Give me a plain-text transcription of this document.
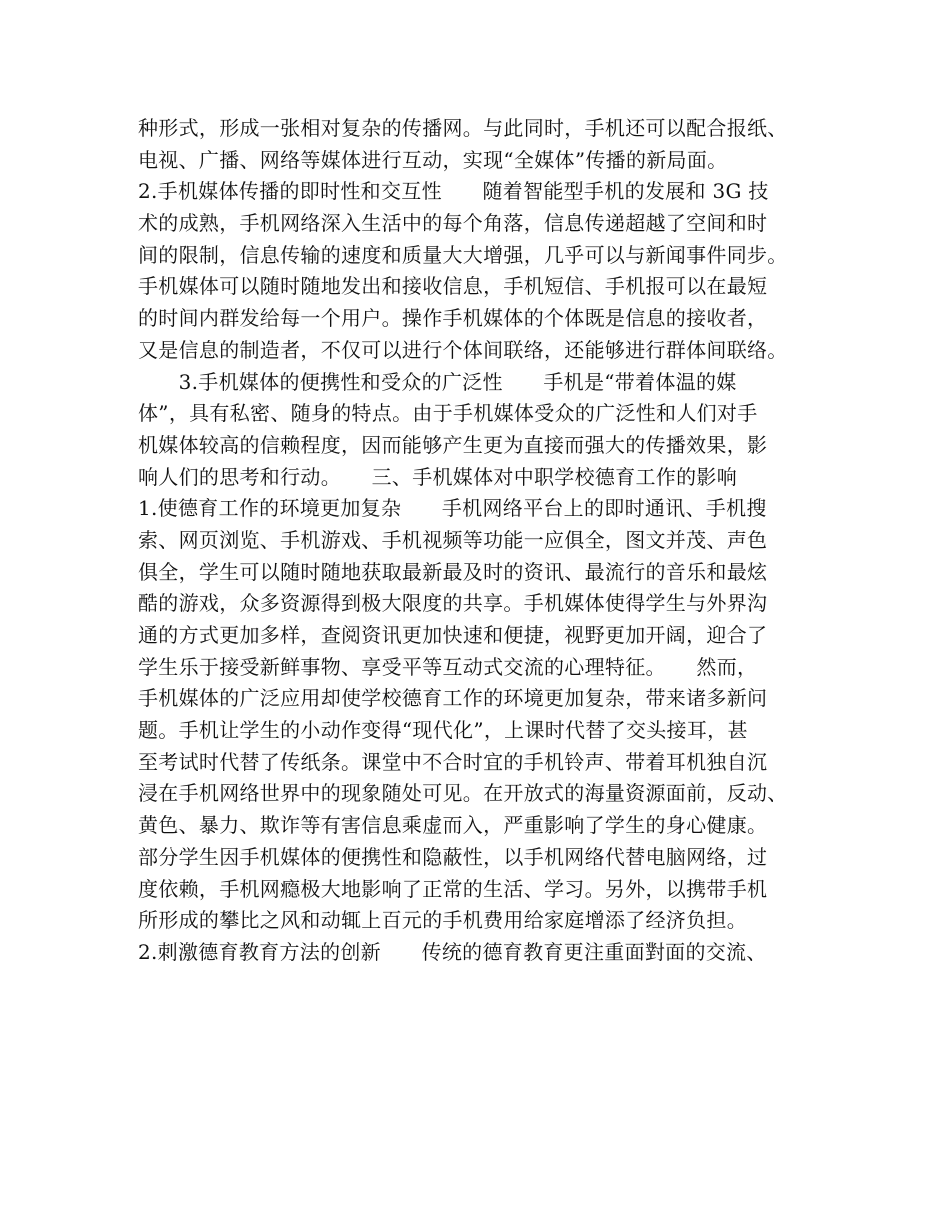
种形式，形成一张相对复杂的传播网。与此同时，手机还可以配合报纸、
电视、广播、网络等媒体进行互动，实现“全媒体”传播的新局面。
2.手机媒体传播的即时性和交互性　　随着智能型手机的发展和 3G 技
术的成熟，手机网络深入生活中的每个角落，信息传递超越了空间和时
间的限制，信息传输的速度和质量大大增强，几乎可以与新闻事件同步。
手机媒体可以随时随地发出和接收信息，手机短信、手机报可以在最短
的时间内群发给每一个用户。操作手机媒体的个体既是信息的接收者，
又是信息的制造者，不仅可以进行个体间联络，还能够进行群体间联络。
　　3.手机媒体的便携性和受众的广泛性　　手机是“带着体温的媒
体”，具有私密、随身的特点。由于手机媒体受众的广泛性和人们对手
机媒体较高的信赖程度，因而能够产生更为直接而强大的传播效果，影
响人们的思考和行动。　　三、手机媒体对中职学校德育工作的影响
1.使德育工作的环境更加复杂　　手机网络平台上的即时通讯、手机搜
索、网页浏览、手机游戏、手机视频等功能一应俱全，图文并茂、声色
俱全，学生可以随时随地获取最新最及时的资讯、最流行的音乐和最炫
酷的游戏，众多资源得到极大限度的共享。手机媒体使得学生与外界沟
通的方式更加多样，查阅资讯更加快速和便捷，视野更加开阔，迎合了
学生乐于接受新鲜事物、享受平等互动式交流的心理特征。　　然而，
手机媒体的广泛应用却使学校德育工作的环境更加复杂，带来诸多新问
题。手机让学生的小动作变得“现代化”，上课时代替了交头接耳，甚
至考试时代替了传纸条。课堂中不合时宜的手机铃声、带着耳机独自沉
浸在手机网络世界中的现象随处可见。在开放式的海量资源面前，反动、
黄色、暴力、欺诈等有害信息乘虚而入，严重影响了学生的身心健康。
部分学生因手机媒体的便携性和隐蔽性，以手机网络代替电脑网络，过
度依赖，手机网瘾极大地影响了正常的生活、学习。另外，以携带手机
所形成的攀比之风和动辄上百元的手机费用给家庭增添了经济负担。
2.刺激德育教育方法的创新　　传统的德育教育更注重面對面的交流、
